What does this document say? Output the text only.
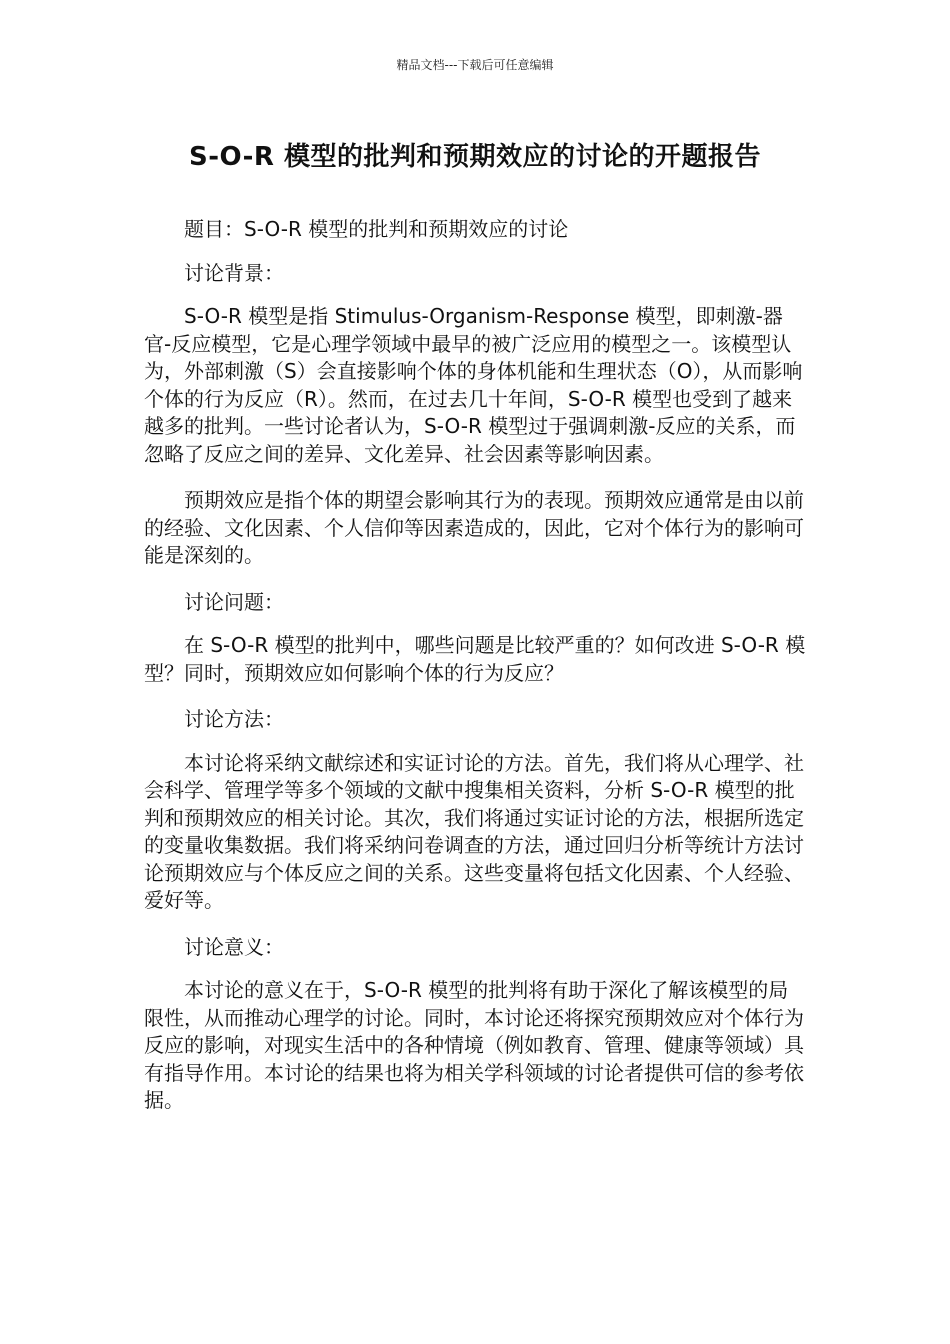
精品文档---下载后可任意编辑
S-O-R 模型的批判和预期效应的讨论的开题报告

题目：S-O-R 模型的批判和预期效应的讨论

讨论背景：

S-O-R 模型是指 Stimulus-Organism-Response 模型，即刺激-器官-反应模型，它是心理学领域中最早的被广泛应用的模型之一。该模型认为，外部刺激（S）会直接影响个体的身体机能和生理状态（O），从而影响个体的行为反应（R）。然而，在过去几十年间，S-O-R 模型也受到了越来越多的批判。一些讨论者认为，S-O-R 模型过于强调刺激-反应的关系，而忽略了反应之间的差异、文化差异、社会因素等影响因素。

预期效应是指个体的期望会影响其行为的表现。预期效应通常是由以前的经验、文化因素、个人信仰等因素造成的，因此，它对个体行为的影响可能是深刻的。

讨论问题：

在 S-O-R 模型的批判中，哪些问题是比较严重的？如何改进 S-O-R 模型？同时，预期效应如何影响个体的行为反应？

讨论方法：

本讨论将采纳文献综述和实证讨论的方法。首先，我们将从心理学、社会科学、管理学等多个领域的文献中搜集相关资料，分析 S-O-R 模型的批判和预期效应的相关讨论。其次，我们将通过实证讨论的方法，根据所选定的变量收集数据。我们将采纳问卷调查的方法，通过回归分析等统计方法讨论预期效应与个体反应之间的关系。这些变量将包括文化因素、个人经验、爱好等。

讨论意义：

本讨论的意义在于，S-O-R 模型的批判将有助于深化了解该模型的局限性，从而推动心理学的讨论。同时，本讨论还将探究预期效应对个体行为反应的影响，对现实生活中的各种情境（例如教育、管理、健康等领域）具有指导作用。本讨论的结果也将为相关学科领域的讨论者提供可信的参考依据。
